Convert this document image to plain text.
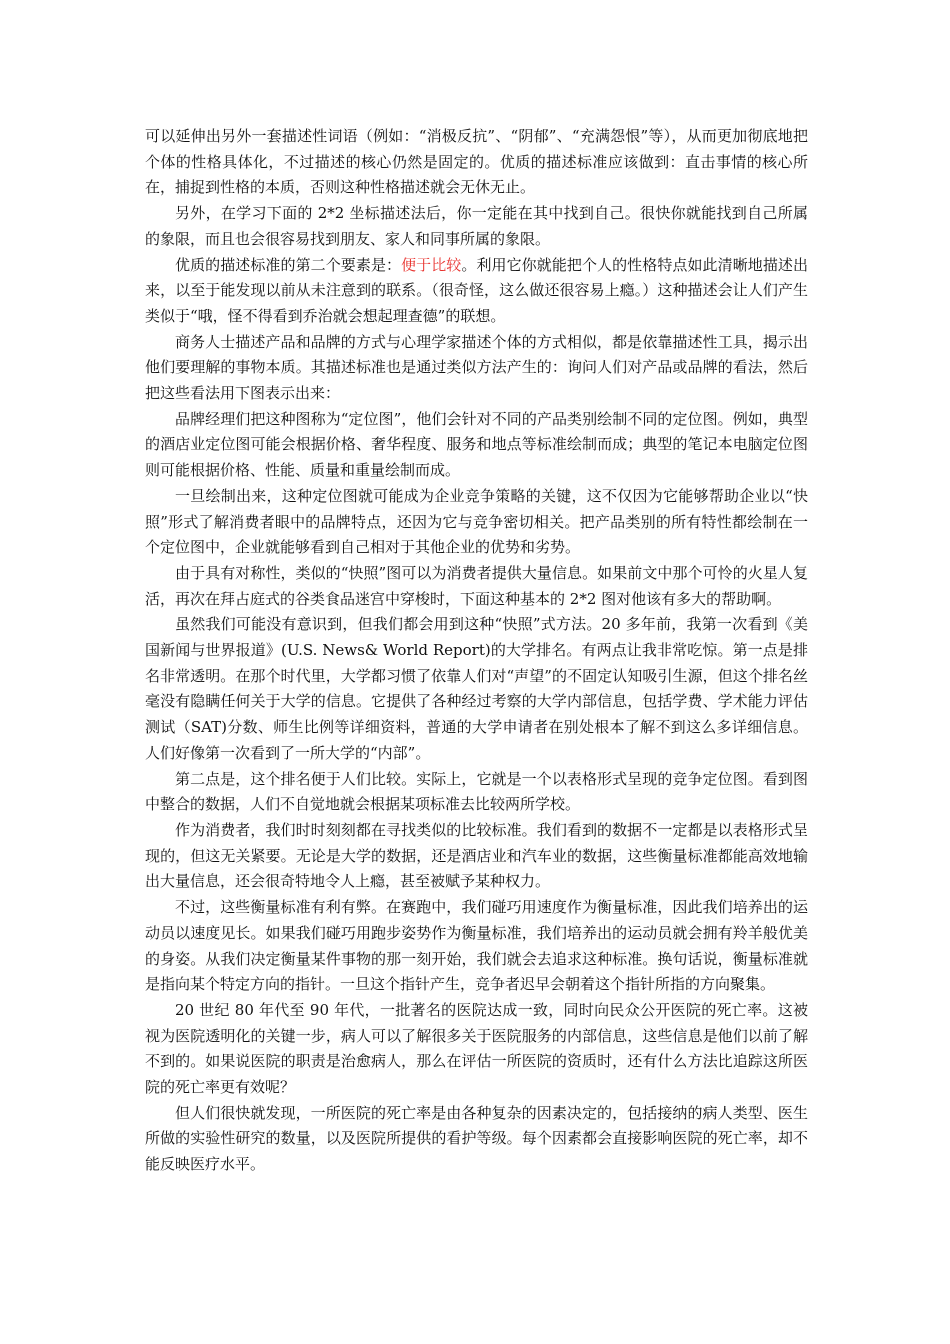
可以延伸出另外一套描述性词语（例如：“消极反抗”、“阴郁”、“充满怨恨”等），从而更加彻底地把个体的性格具体化，不过描述的核心仍然是固定的。优质的描述标准应该做到：直击事情的核心所在，捕捉到性格的本质，否则这种性格描述就会无休无止。

另外，在学习下面的 2*2 坐标描述法后，你一定能在其中找到自己。很快你就能找到自己所属的象限，而且也会很容易找到朋友、家人和同事所属的象限。

优质的描述标准的第二个要素是：便于比较。利用它你就能把个人的性格特点如此清晰地描述出来，以至于能发现以前从未注意到的联系。（很奇怪，这么做还很容易上瘾。）这种描述会让人们产生类似于“哦，怪不得看到乔治就会想起理查德”的联想。

商务人士描述产品和品牌的方式与心理学家描述个体的方式相似，都是依靠描述性工具，揭示出他们要理解的事物本质。其描述标准也是通过类似方法产生的：询问人们对产品或品牌的看法，然后把这些看法用下图表示出来：

品牌经理们把这种图称为“定位图”，他们会针对不同的产品类别绘制不同的定位图。例如，典型的酒店业定位图可能会根据价格、奢华程度、服务和地点等标准绘制而成；典型的笔记本电脑定位图则可能根据价格、性能、质量和重量绘制而成。

一旦绘制出来，这种定位图就可能成为企业竞争策略的关键，这不仅因为它能够帮助企业以“快照”形式了解消费者眼中的品牌特点，还因为它与竞争密切相关。把产品类别的所有特性都绘制在一个定位图中，企业就能够看到自己相对于其他企业的优势和劣势。

由于具有对称性，类似的“快照”图可以为消费者提供大量信息。如果前文中那个可怜的火星人复活，再次在拜占庭式的谷类食品迷宫中穿梭时，下面这种基本的 2*2 图对他该有多大的帮助啊。

虽然我们可能没有意识到，但我们都会用到这种“快照”式方法。20 多年前，我第一次看到《美国新闻与世界报道》(U.S. News& World Report)的大学排名。有两点让我非常吃惊。第一点是排名非常透明。在那个时代里，大学都习惯了依靠人们对“声望”的不固定认知吸引生源，但这个排名丝毫没有隐瞒任何关于大学的信息。它提供了各种经过考察的大学内部信息，包括学费、学术能力评估测试（SAT)分数、师生比例等详细资料，普通的大学申请者在别处根本了解不到这么多详细信息。人们好像第一次看到了一所大学的“内部”。

第二点是，这个排名便于人们比较。实际上，它就是一个以表格形式呈现的竞争定位图。看到图中整合的数据，人们不自觉地就会根据某项标准去比较两所学校。

作为消费者，我们时时刻刻都在寻找类似的比较标准。我们看到的数据不一定都是以表格形式呈现的，但这无关紧要。无论是大学的数据，还是酒店业和汽车业的数据，这些衡量标准都能高效地输出大量信息，还会很奇特地令人上瘾，甚至被赋予某种权力。

不过，这些衡量标准有利有弊。在赛跑中，我们碰巧用速度作为衡量标准，因此我们培养出的运动员以速度见长。如果我们碰巧用跑步姿势作为衡量标准，我们培养出的运动员就会拥有羚羊般优美的身姿。从我们决定衡量某件事物的那一刻开始，我们就会去追求这种标准。换句话说，衡量标准就是指向某个特定方向的指针。一旦这个指针产生，竞争者迟早会朝着这个指针所指的方向聚集。

20 世纪 80 年代至 90 年代，一批著名的医院达成一致，同时向民众公开医院的死亡率。这被视为医院透明化的关键一步，病人可以了解很多关于医院服务的内部信息，这些信息是他们以前了解不到的。如果说医院的职责是治愈病人，那么在评估一所医院的资质时，还有什么方法比追踪这所医院的死亡率更有效呢？

但人们很快就发现，一所医院的死亡率是由各种复杂的因素决定的，包括接纳的病人类型、医生所做的实验性研究的数量，以及医院所提供的看护等级。每个因素都会直接影响医院的死亡率，却不能反映医疗水平。
